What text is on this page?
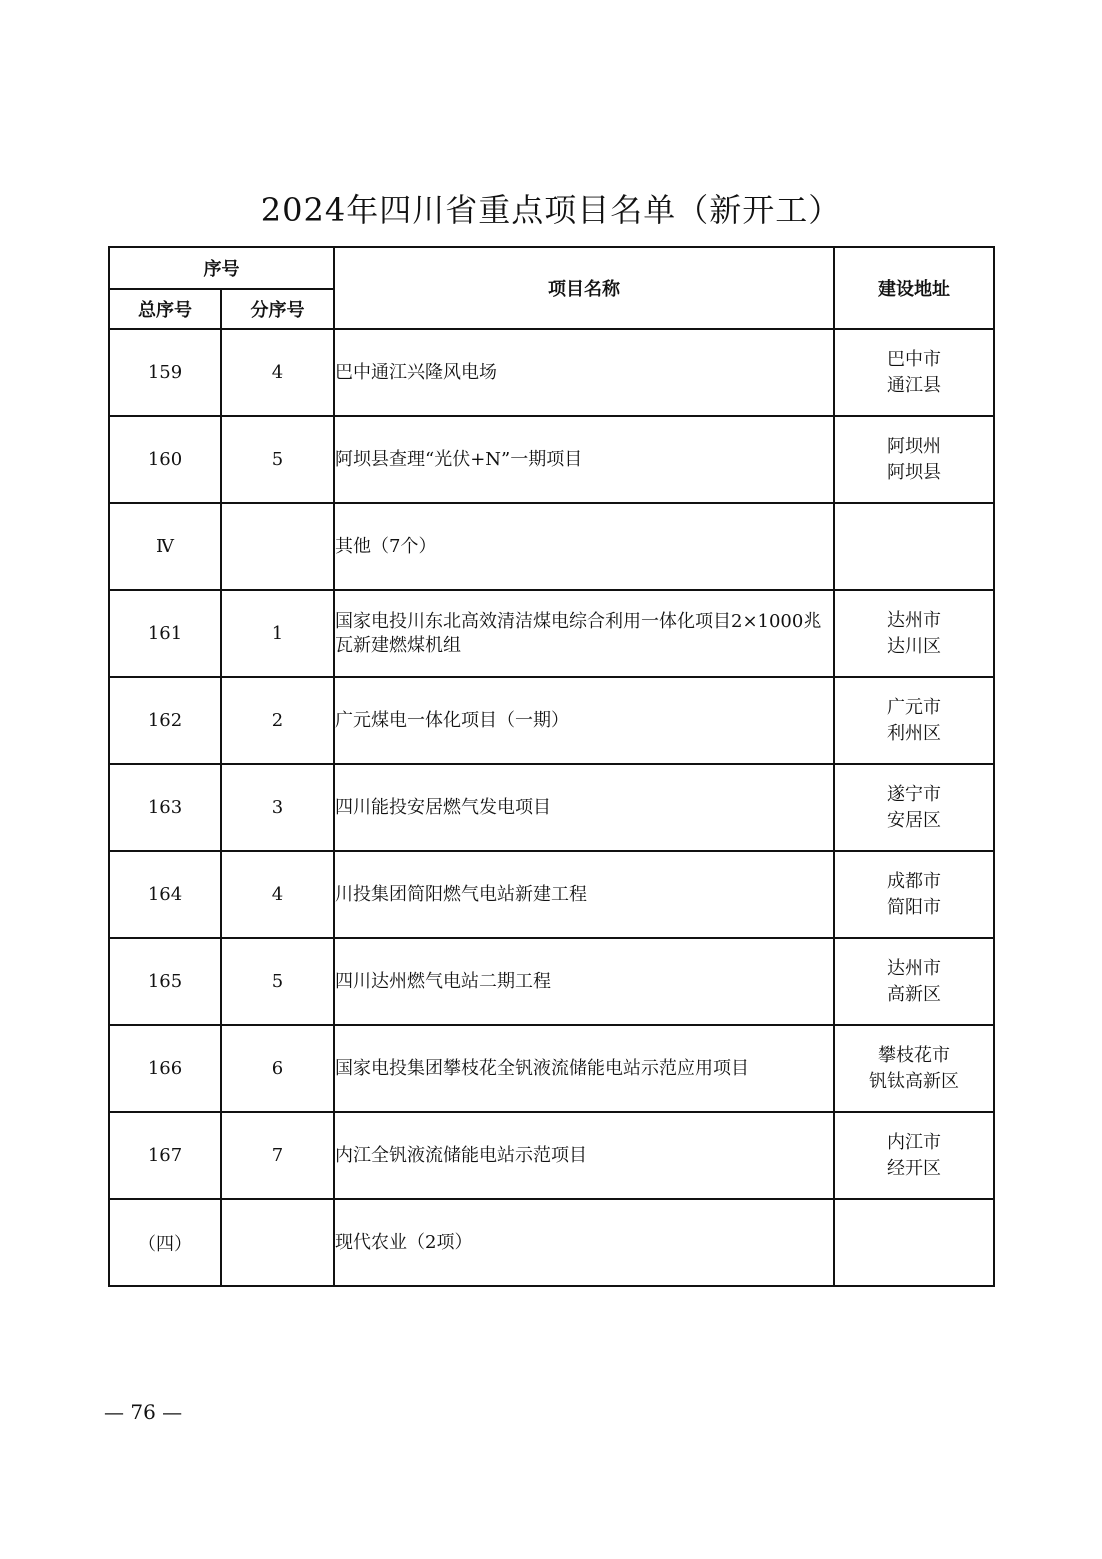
2024年四川省重点项目名单（新开工）
序号		项目名称	建设地址
总序号	分序号		
159	4	巴中通江兴隆风电场	巴中市
通江县

160	5	阿坝县查理“光伏+N”一期项目	阿坝州
阿坝县

Ⅳ		其他（7个）	

161	1	国家电投川东北高效清洁煤电综合利用一体化项目2×1000兆瓦新建燃煤机组	达州市
达川区

162	2	广元煤电一体化项目（一期）	广元市
利州区

163	3	四川能投安居燃气发电项目	遂宁市
安居区

164	4	川投集团简阳燃气电站新建工程	成都市
简阳市

165	5	四川达州燃气电站二期工程	达州市
高新区

166	6	国家电投集团攀枝花全钒液流储能电站示范应用项目	攀枝花市
钒钛高新区

167	7	内江全钒液流储能电站示范项目	内江市
经开区

（四）		现代农业（2项）	
— 76 —
